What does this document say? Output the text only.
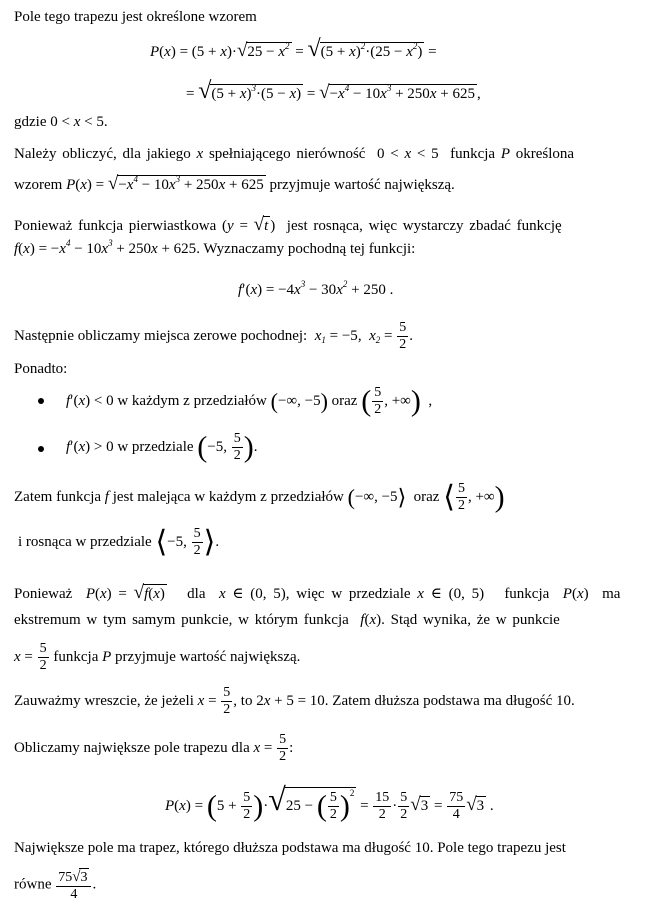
Pole tego trapezu jest określone wzorem
$P(x) = (5 + x)\cdot√25 - x^2 = √(5 + x)^2\cdot(25 - x^2)$ =
= $√(5 + x)^3\cdot(5 - x) = √-x^4 - 10x^3 + 250x + 625$ ,
gdzie 0 < x < 5.
Należy obliczyć, dla jakiego x spełniającego nierówność 0 < x < 5 funkcja P określona
wzorem $P(x) = √-x^4 - 10x^3 + 250x + 625$ przyjmuje wartość największą.
Ponieważ funkcja pierwiastkowa (y = √t ) jest rosnąca, więc wystarczy zbadać funkcję
$f(x) = -x^4 - 10x^3 + 250x + 625$. Wyznaczamy pochodną tej funkcji:
$f'(x) = -4x^3 - 30x^2 + 250$ .
Następnie obliczamy miejsca zerowe pochodnej: $x_1 = -5$,  $x_2 = \frac{5}{2}$ .
Ponadto:
f′(x) < 0 w każdym z przedziałów (−∞, −5) oraz ( $\frac{5}{2}$ , +∞)  ,
f′(x) > 0 w przedziale (−5, $\frac{5}{2}$ ).
Zatem funkcja f jest malejąca w każdym z przedziałów (−∞, −5⟩ oraz ⟨ $\frac{5}{2}$ , +∞)
i rosnąca w przedziale ⟨−5, $\frac{5}{2}$ ⟩.
Ponieważ P(x) = √f(x) dla x ∈ (0, 5), więc w przedziale x ∈ (0, 5) funkcja P(x) ma
ekstremum w tym samym punkcie, w którym funkcja f(x). Stąd wynika, że w punkcie
$x = \frac{5}{2}$ funkcja P przyjmuje wartość największą.
Zauważmy wreszcie, że jeżeli $x = \frac{5}{2}$ , to 2x + 5 = 10. Zatem dłuższa podstawa ma długość 10.
Obliczamy największe pole trapezu dla $x = \frac{5}{2}$ :
$P(x) = (5 + \frac{5}{2} )\cdot√25$ − ( $\frac{5}{2} )^2 = \frac{15}{2} \cdot \frac{5}{2} √3 = \frac{75}{4} √3$ .
Największe pole ma trapez, którego dłuższa podstawa ma długość 10. Pole tego trapezu jest
równe $\frac{75√3}{4}$ .
